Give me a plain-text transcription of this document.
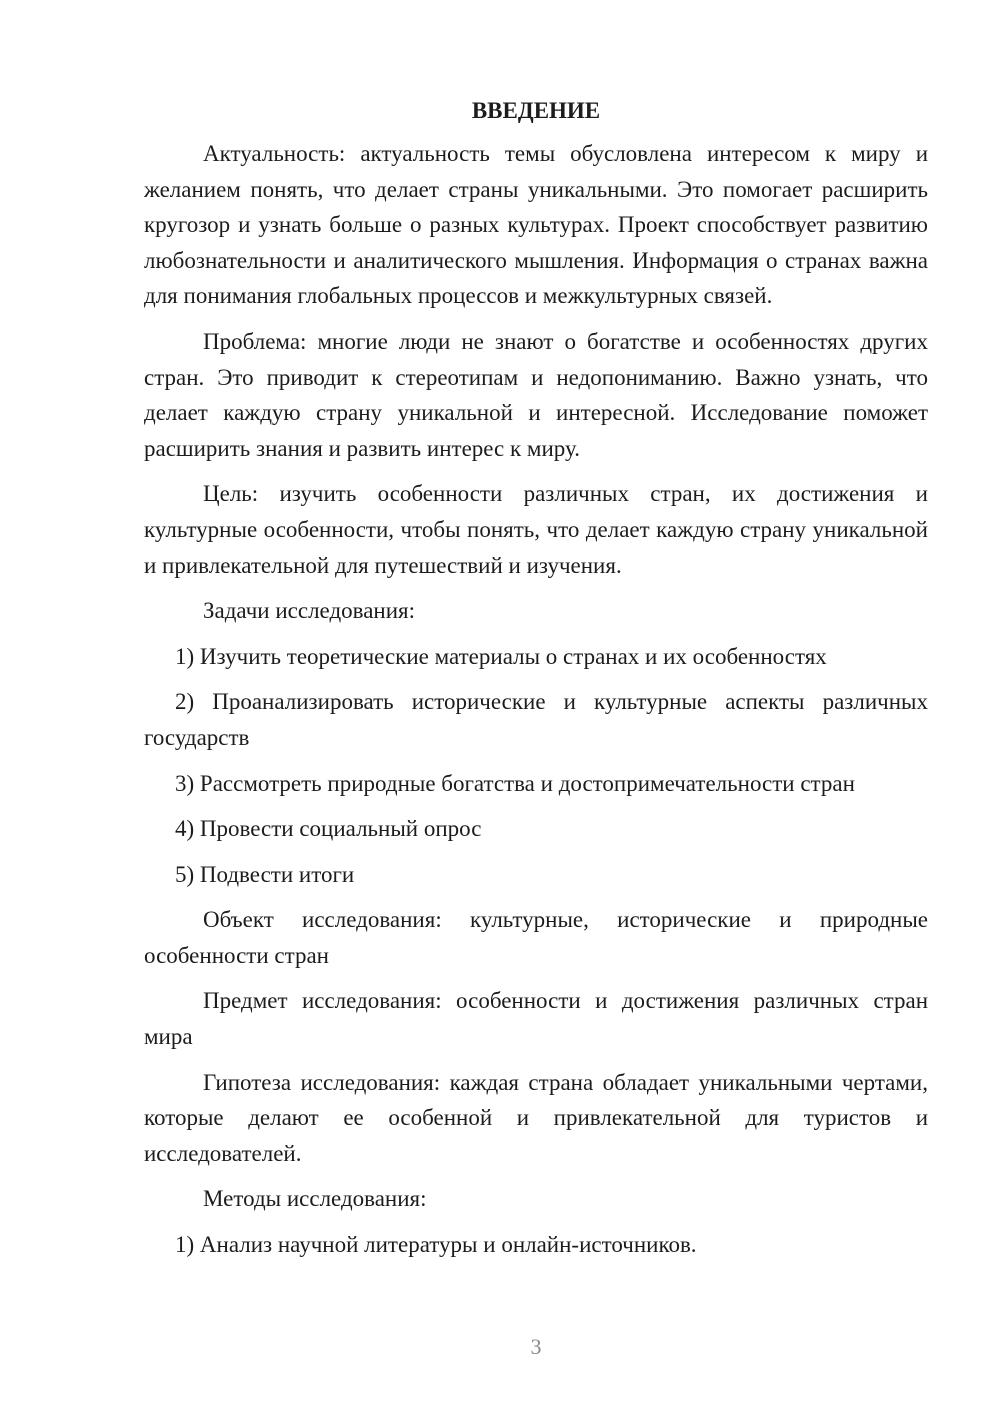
ВВЕДЕНИЕ

Актуальность: актуальность темы обусловлена интересом к миру и желанием понять, что делает страны уникальными. Это помогает расширить кругозор и узнать больше о разных культурах. Проект способствует развитию любознательности и аналитического мышления. Информация о странах важна для понимания глобальных процессов и межкультурных связей.

Проблема: многие люди не знают о богатстве и особенностях других стран. Это приводит к стереотипам и недопониманию. Важно узнать, что делает каждую страну уникальной и интересной. Исследование поможет расширить знания и развить интерес к миру.

Цель: изучить особенности различных стран, их достижения и культурные особенности, чтобы понять, что делает каждую страну уникальной и привлекательной для путешествий и изучения.

Задачи исследования:

1) Изучить теоретические материалы о странах и их особенностях

2) Проанализировать исторические и культурные аспекты различных государств

3) Рассмотреть природные богатства и достопримечательности стран

4) Провести социальный опрос

5) Подвести итоги

Объект исследования: культурные, исторические и природные особенности стран

Предмет исследования: особенности и достижения различных стран мира

Гипотеза исследования: каждая страна обладает уникальными чертами, которые делают ее особенной и привлекательной для туристов и исследователей.

Методы исследования:

1) Анализ научной литературы и онлайн-источников.

3
